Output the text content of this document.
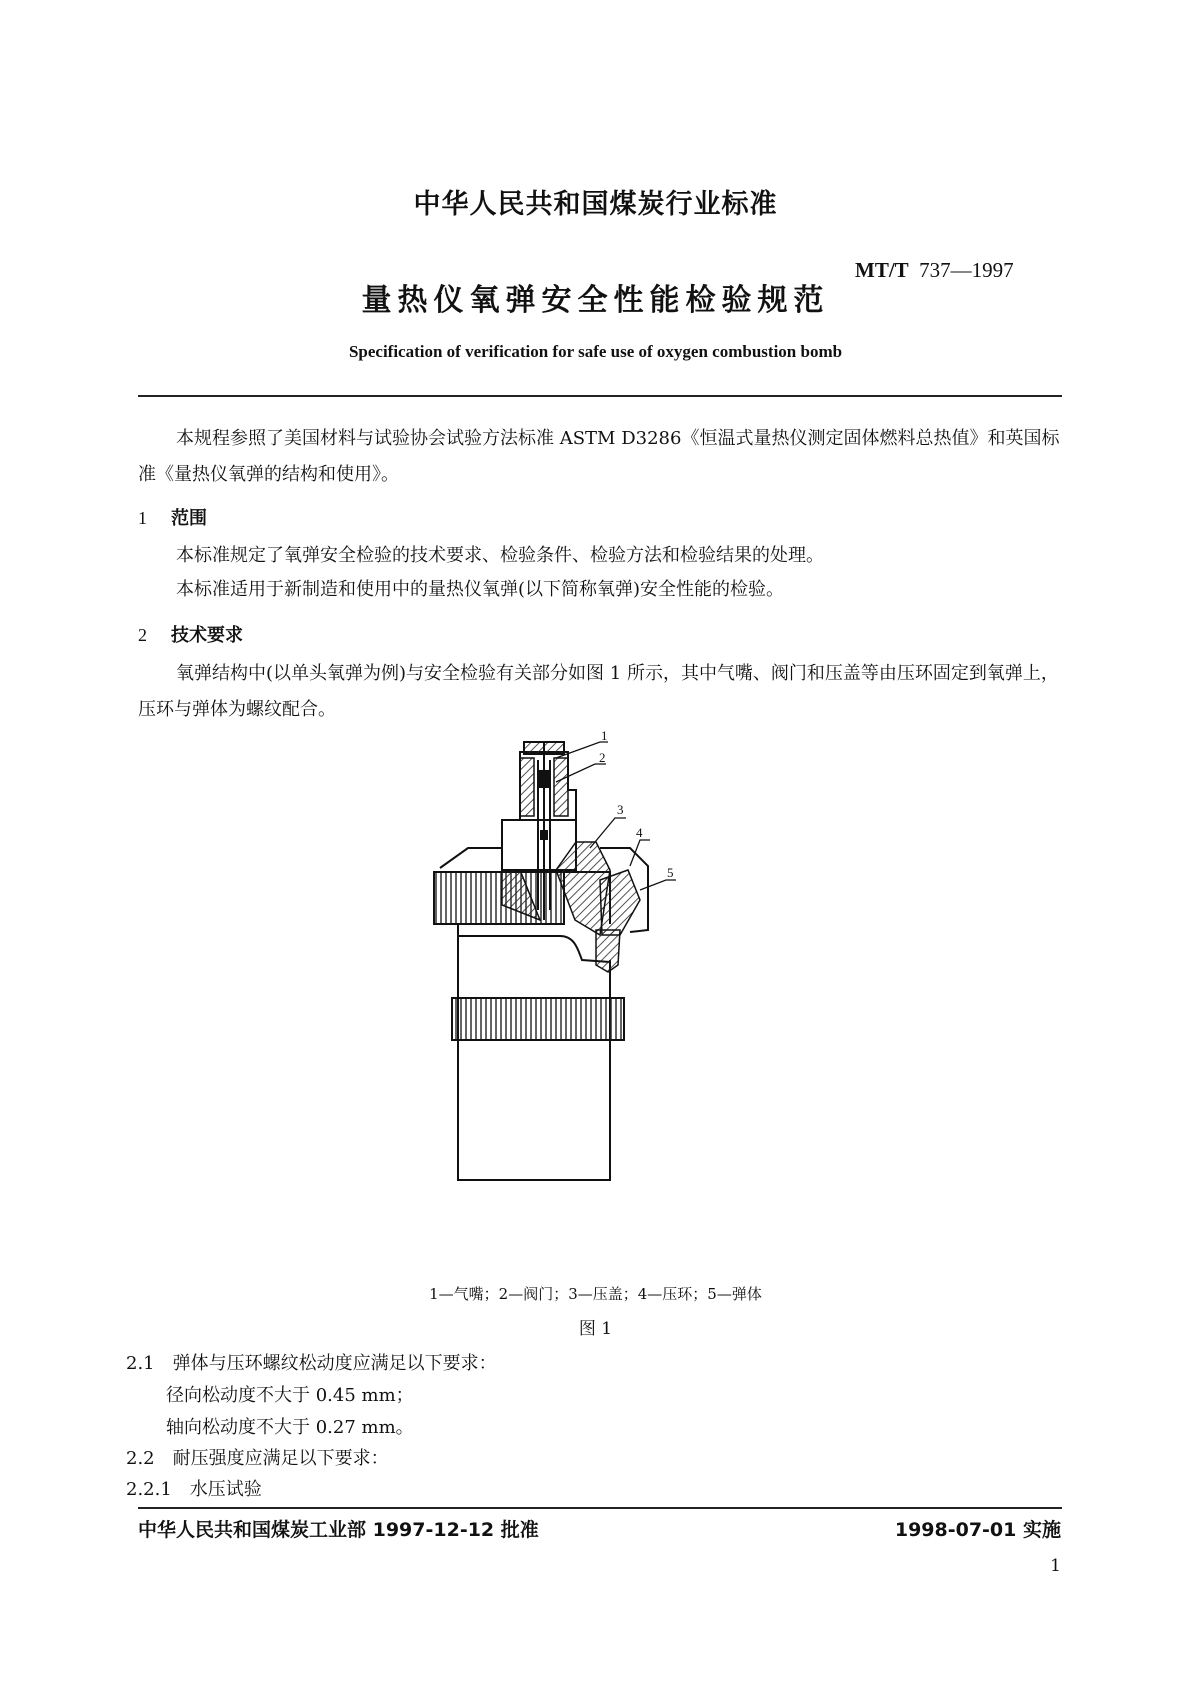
中华人民共和国煤炭行业标准
MT/T 737—1997
量热仪氧弹安全性能检验规范
Specification of verification for safe use of oxygen combustion bomb
本规程参照了美国材料与试验协会试验方法标准 ASTM D3286《恒温式量热仪测定固体燃料总热值》和英国标准《量热仪氧弹的结构和使用》。
1 范围
本标准规定了氧弹安全检验的技术要求、检验条件、检验方法和检验结果的处理。
本标准适用于新制造和使用中的量热仪氧弹(以下简称氧弹)安全性能的检验。
2 技术要求
氧弹结构中(以单头氧弹为例)与安全检验有关部分如图 1 所示，其中气嘴、阀门和压盖等由压环固定到氧弹上，压环与弹体为螺纹配合。
1
2
3
4
5
1—气嘴；2—阀门；3—压盖；4—压环；5—弹体
图 1
2.1　弹体与压环螺纹松动度应满足以下要求：
径向松动度不大于 0.45 mm；
轴向松动度不大于 0.27 mm。
2.2　耐压强度应满足以下要求：
2.2.1　水压试验
中华人民共和国煤炭工业部 1997-12-12 批准	1998-07-01 实施
1
